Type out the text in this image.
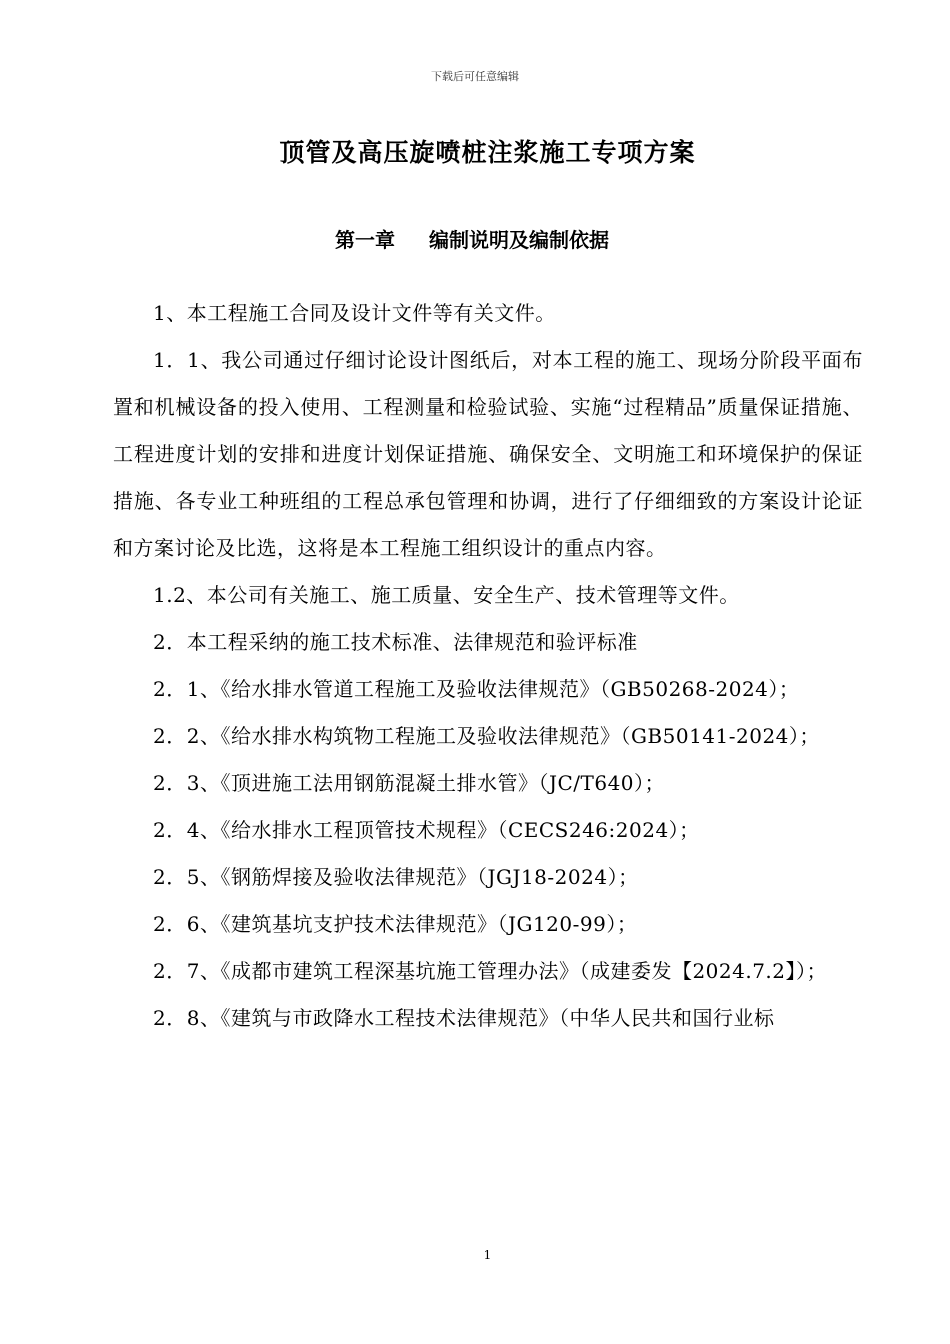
下载后可任意编辑
顶管及高压旋喷桩注浆施工专项方案
第一章 编制说明及编制依据

1、本工程施工合同及设计文件等有关文件。

1．1、我公司通过仔细讨论设计图纸后，对本工程的施工、现场分阶段平面布置和机械设备的投入使用、工程测量和检验试验、实施“过程精品”质量保证措施、工程进度计划的安排和进度计划保证措施、确保安全、文明施工和环境保护的保证措施、各专业工种班组的工程总承包管理和协调，进行了仔细细致的方案设计论证和方案讨论及比选，这将是本工程施工组织设计的重点内容。

1.2、本公司有关施工、施工质量、安全生产、技术管理等文件。

2．本工程采纳的施工技术标准、法律规范和验评标准

2．1、《给水排水管道工程施工及验收法律规范》（GB50268-2024）；

2．2、《给水排水构筑物工程施工及验收法律规范》（GB50141-2024）；

2．3、《顶进施工法用钢筋混凝土排水管》（JC/T640）；

2．4、《给水排水工程顶管技术规程》（CECS246:2024）；

2．5、《钢筋焊接及验收法律规范》（JGJ18-2024）；

2．6、《建筑基坑支护技术法律规范》（JG120-99）；

2．7、《成都市建筑工程深基坑施工管理办法》（成建委发【2024.7.2】）；

2．8、《建筑与市政降水工程技术法律规范》（中华人民共和国行业标

1
